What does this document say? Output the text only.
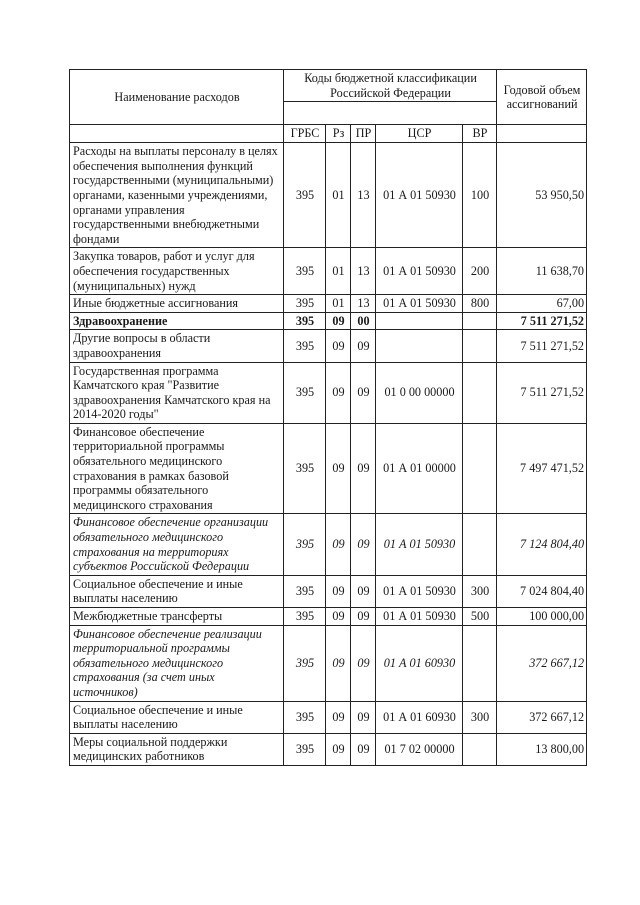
Наименование расходов	Коды бюджетной классификации Российской Федерации					Годовой объем ассигнований

	ГРБС	Рз	ПР	ЦСР	ВР	
Расходы на выплаты персоналу в целях обеспечения выполнения функций государственными (муниципальными) органами, казенными учреждениями, органами управления государственными внебюджетными фондами	395	01	13	01 А 01 50930	100	53 950,50
Закупка товаров, работ и услуг для обеспечения государственных (муниципальных) нужд	395	01	13	01 А 01 50930	200	11 638,70
Иные бюджетные ассигнования	395	01	13	01 А 01 50930	800	67,00
Здравоохранение	395	09	00			7 511 271,52
Другие вопросы в области здравоохранения	395	09	09			7 511 271,52
Государственная программа Камчатского края "Развитие здравоохранения Камчатского края на 2014-2020 годы"	395	09	09	01 0 00 00000		7 511 271,52
Финансовое обеспечение территориальной программы обязательного медицинского страхования в рамках базовой программы обязательного медицинского страхования	395	09	09	01 А 01 00000		7 497 471,52
Финансовое обеспечение организации обязательного медицинского страхования на территориях субъектов Российской Федерации	395	09	09	01 А 01 50930		7 124 804,40
Социальное обеспечение и иные выплаты населению	395	09	09	01 А 01 50930	300	7 024 804,40
Межбюджетные трансферты	395	09	09	01 А 01 50930	500	100 000,00
Финансовое обеспечение реализации территориальной программы обязательного медицинского страхования (за счет иных источников)	395	09	09	01 А 01 60930		372 667,12
Социальное обеспечение и иные выплаты населению	395	09	09	01 А 01 60930	300	372 667,12
Меры социальной поддержки медицинских работников	395	09	09	01 7 02 00000		13 800,00
